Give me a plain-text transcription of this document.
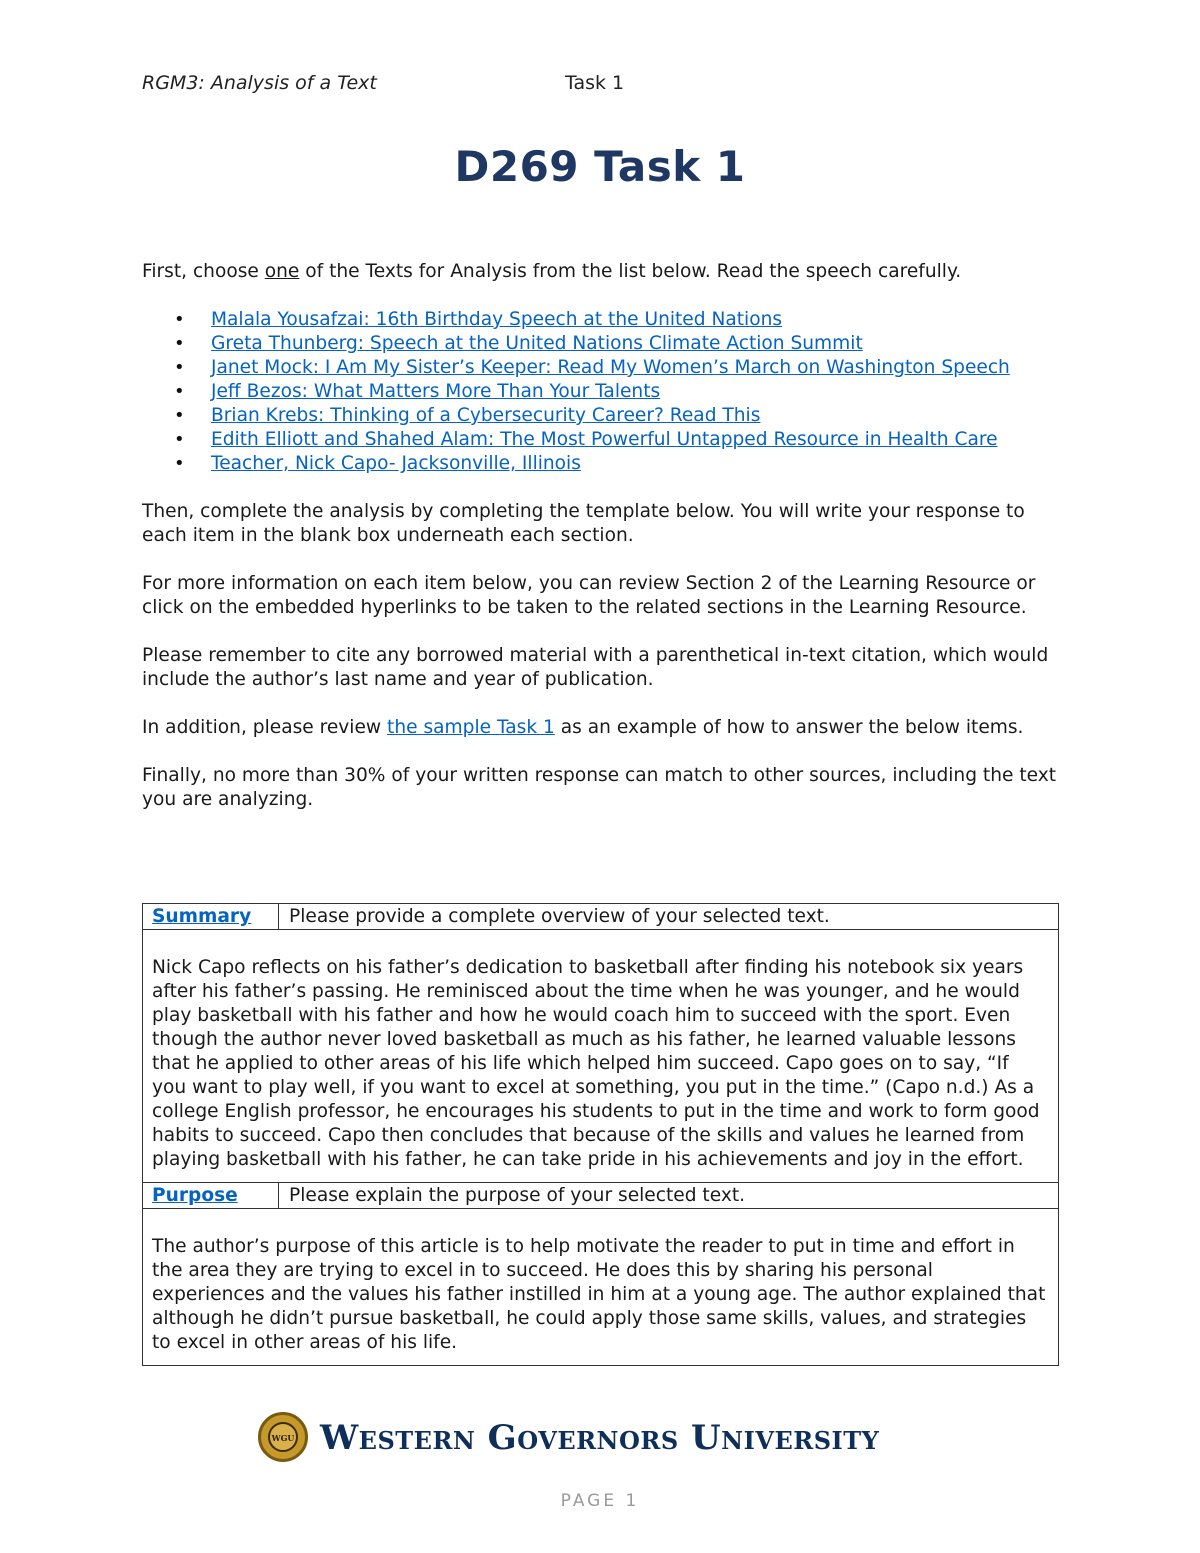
RGM3: Analysis of a Text	Task 1
D269 Task 1

First, choose one of the Texts for Analysis from the list below. Read the speech carefully.

• Malala Yousafzai: 16th Birthday Speech at the United Nations
• Greta Thunberg: Speech at the United Nations Climate Action Summit
• Janet Mock: I Am My Sister’s Keeper: Read My Women’s March on Washington Speech
• Jeff Bezos: What Matters More Than Your Talents
• Brian Krebs: Thinking of a Cybersecurity Career? Read This
• Edith Elliott and Shahed Alam: The Most Powerful Untapped Resource in Health Care
• Teacher, Nick Capo- Jacksonville, Illinois

Then, complete the analysis by completing the template below. You will write your response to each item in the blank box underneath each section.

For more information on each item below, you can review Section 2 of the Learning Resource or click on the embedded hyperlinks to be taken to the related sections in the Learning Resource.

Please remember to cite any borrowed material with a parenthetical in-text citation, which would include the author’s last name and year of publication.

In addition, please review the sample Task 1 as an example of how to answer the below items.

Finally, no more than 30% of your written response can match to other sources, including the text you are analyzing.

Summary	Please provide a complete overview of your selected text.
Nick Capo reflects on his father’s dedication to basketball after finding his notebook six years after his father’s passing. He reminisced about the time when he was younger, and he would play basketball with his father and how he would coach him to succeed with the sport. Even though the author never loved basketball as much as his father, he learned valuable lessons that he applied to other areas of his life which helped him succeed. Capo goes on to say, “If you want to play well, if you want to excel at something, you put in the time.” (Capo n.d.) As a college English professor, he encourages his students to put in the time and work to form good habits to succeed. Capo then concludes that because of the skills and values he learned from playing basketball with his father, he can take pride in his achievements and joy in the effort.	
Purpose	Please explain the purpose of your selected text.
The author’s purpose of this article is to help motivate the reader to put in time and effort in the area they are trying to excel in to succeed. He does this by sharing his personal experiences and the values his father instilled in him at a young age. The author explained that although he didn’t pursue basketball, he could apply those same skills, values, and strategies to excel in other areas of his life.	
WGU Western Governors University
PAGE 1
